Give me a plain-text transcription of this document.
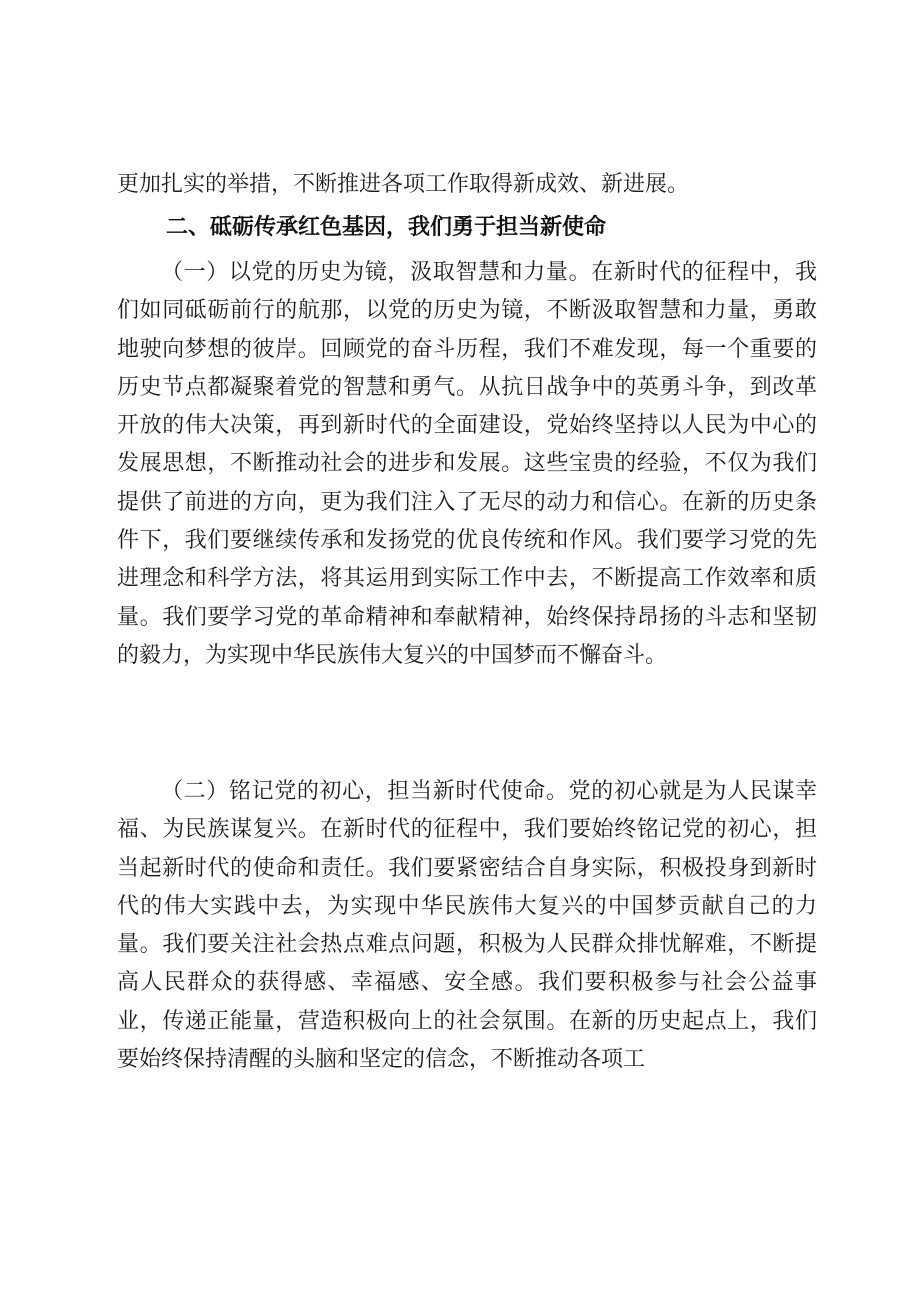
更加扎实的举措，不断推进各项工作取得新成效、新进展。
二、砥砺传承红色基因，我们勇于担当新使命

（一）以党的历史为镜，汲取智慧和力量。在新时代的征程中，我们如同砥砺前行的航那，以党的历史为镜，不断汲取智慧和力量，勇敢地驶向梦想的彼岸。回顾党的奋斗历程，我们不难发现，每一个重要的历史节点都凝聚着党的智慧和勇气。从抗日战争中的英勇斗争，到改革开放的伟大决策，再到新时代的全面建设，党始终坚持以人民为中心的发展思想，不断推动社会的进步和发展。这些宝贵的经验，不仅为我们提供了前进的方向，更为我们注入了无尽的动力和信心。在新的历史条件下，我们要继续传承和发扬党的优良传统和作风。我们要学习党的先进理念和科学方法，将其运用到实际工作中去，不断提高工作效率和质量。我们要学习党的革命精神和奉献精神，始终保持昂扬的斗志和坚韧的毅力，为实现中华民族伟大复兴的中国梦而不懈奋斗。

（二）铭记党的初心，担当新时代使命。党的初心就是为人民谋幸福、为民族谋复兴。在新时代的征程中，我们要始终铭记党的初心，担当起新时代的使命和责任。我们要紧密结合自身实际，积极投身到新时代的伟大实践中去，为实现中华民族伟大复兴的中国梦贡献自己的力量。我们要关注社会热点难点问题，积极为人民群众排忧解难，不断提高人民群众的获得感、幸福感、安全感。我们要积极参与社会公益事业，传递正能量，营造积极向上的社会氛围。在新的历史起点上，我们要始终保持清醒的头脑和坚定的信念，不断推动各项工
